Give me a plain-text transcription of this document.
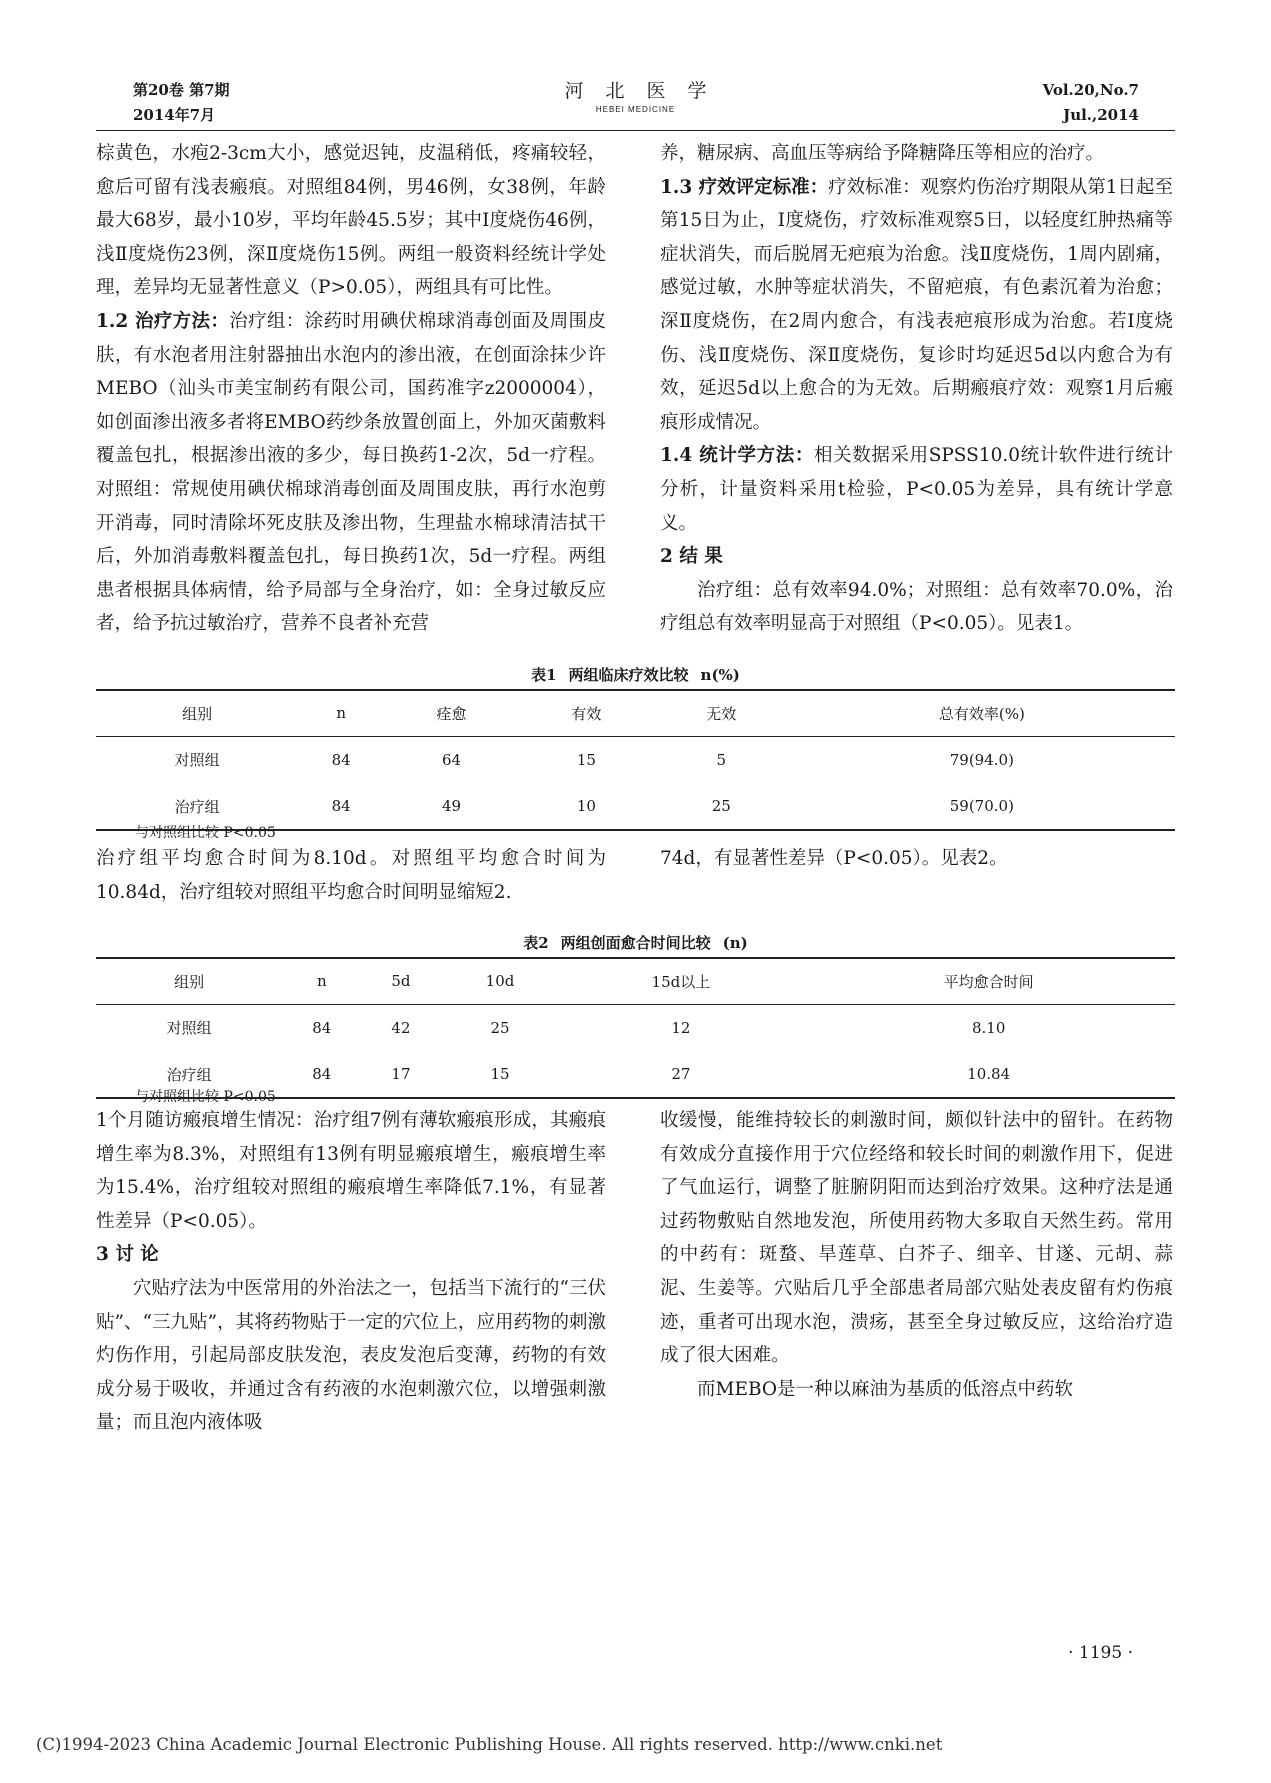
第20卷 第7期
2014年7月
河北医学
HEBEI MEDICINE
Vol.20,No.7
Jul.,2014

棕黄色，水疱2-3cm大小，感觉迟钝，皮温稍低，疼痛较轻，愈后可留有浅表瘢痕。对照组84例，男46例，女38例，年龄最大68岁，最小10岁，平均年龄45.5岁；其中Ⅰ度烧伤46例，浅Ⅱ度烧伤23例，深Ⅱ度烧伤15例。两组一般资料经统计学处理，差异均无显著性意义（P>0.05），两组具有可比性。

1.2 治疗方法：治疗组：涂药时用碘伏棉球消毒创面及周围皮肤，有水泡者用注射器抽出水泡内的渗出液，在创面涂抹少许MEBO（汕头市美宝制药有限公司，国药准字z2000004），如创面渗出液多者将EMBO药纱条放置创面上，外加灭菌敷料覆盖包扎，根据渗出液的多少，每日换药1-2次，5d一疗程。对照组：常规使用碘伏棉球消毒创面及周围皮肤，再行水泡剪开消毒，同时清除坏死皮肤及渗出物，生理盐水棉球清洁拭干后，外加消毒敷料覆盖包扎，每日换药1次，5d一疗程。两组患者根据具体病情，给予局部与全身治疗，如：全身过敏反应者，给予抗过敏治疗，营养不良者补充营

养，糖尿病、高血压等病给予降糖降压等相应的治疗。

1.3 疗效评定标准：疗效标准：观察灼伤治疗期限从第1日起至第15日为止，Ⅰ度烧伤，疗效标准观察5日，以轻度红肿热痛等症状消失，而后脱屑无疤痕为治愈。浅Ⅱ度烧伤，1周内剧痛，感觉过敏，水肿等症状消失，不留疤痕，有色素沉着为治愈；深Ⅱ度烧伤，在2周内愈合，有浅表疤痕形成为治愈。若Ⅰ度烧伤、浅Ⅱ度烧伤、深Ⅱ度烧伤，复诊时均延迟5d以内愈合为有效，延迟5d以上愈合的为无效。后期瘢痕疗效：观察1月后瘢痕形成情况。

1.4 统计学方法：相关数据采用SPSS10.0统计软件进行统计分析，计量资料采用t检验，P<0.05为差异，具有统计学意义。

2 结 果

治疗组：总有效率94.0%；对照组：总有效率70.0%，治疗组总有效率明显高于对照组（P<0.05）。见表1。

表1 两组临床疗效比较 n(%)
组别	n	痊愈	有效	无效	总有效率(%)
对照组	84	64	15	5	79(94.0)
治疗组	84	49	10	25	59(70.0)
与对照组比较 P<0.05

治疗组平均愈合时间为8.10d。对照组平均愈合时间为10.84d，治疗组较对照组平均愈合时间明显缩短2.

74d，有显著性差异（P<0.05）。见表2。

表2 两组创面愈合时间比较 (n)
组别	n	5d	10d	15d以上	平均愈合时间
对照组	84	42	25	12	8.10
治疗组	84	17	15	27	10.84
与对照组比较 P<0.05

1个月随访瘢痕增生情况：治疗组7例有薄软瘢痕形成，其瘢痕增生率为8.3%，对照组有13例有明显瘢痕增生，瘢痕增生率为15.4%，治疗组较对照组的瘢痕增生率降低7.1%，有显著性差异（P<0.05）。

3 讨 论

穴贴疗法为中医常用的外治法之一，包括当下流行的“三伏贴”、“三九贴”，其将药物贴于一定的穴位上，应用药物的刺激灼伤作用，引起局部皮肤发泡，表皮发泡后变薄，药物的有效成分易于吸收，并通过含有药液的水泡刺激穴位，以增强刺激量；而且泡内液体吸

收缓慢，能维持较长的刺激时间，颇似针法中的留针。在药物有效成分直接作用于穴位经络和较长时间的刺激作用下，促进了气血运行，调整了脏腑阴阳而达到治疗效果。这种疗法是通过药物敷贴自然地发泡，所使用药物大多取自天然生药。常用的中药有：斑蝥、旱莲草、白芥子、细辛、甘遂、元胡、蒜泥、生姜等。穴贴后几乎全部患者局部穴贴处表皮留有灼伤痕迹，重者可出现水泡，溃疡，甚至全身过敏反应，这给治疗造成了很大困难。

而MEBO是一种以麻油为基质的低溶点中药软

· 1195 ·
(C)1994-2023 China Academic Journal Electronic Publishing House. All rights reserved. http://www.cnki.net
